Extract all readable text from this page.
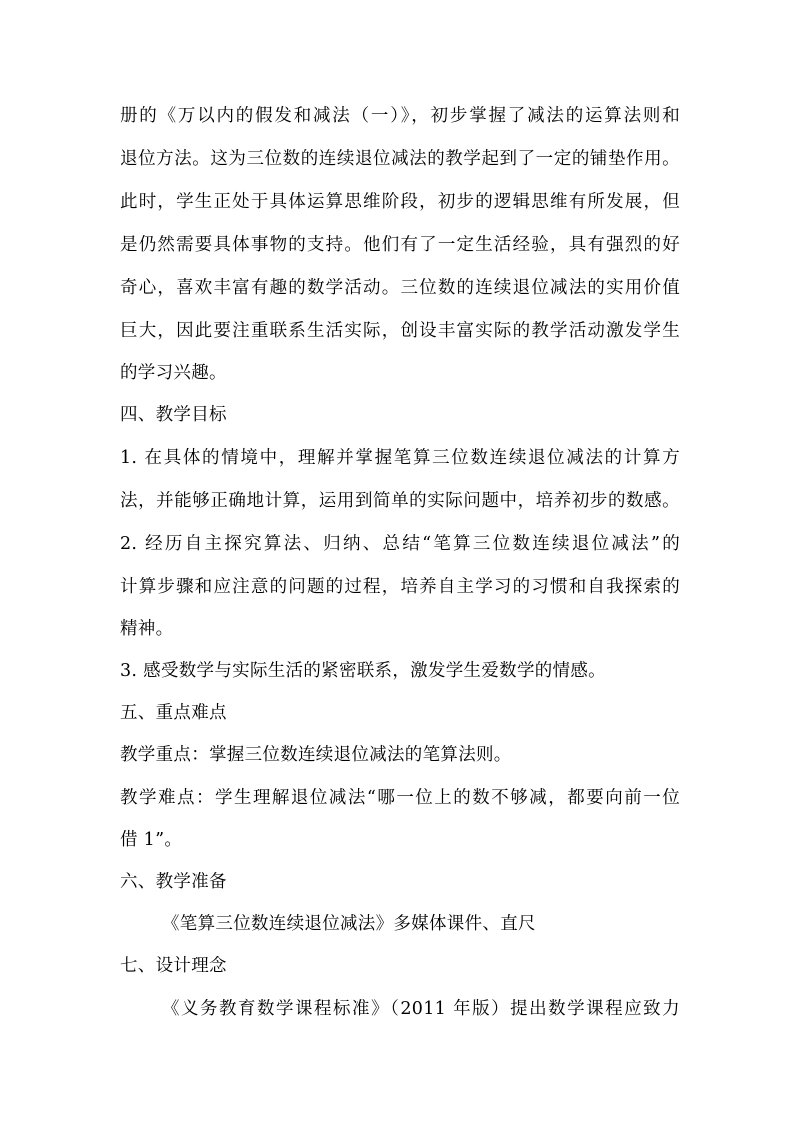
册的《万以内的假发和减法（一）》，初步掌握了减法的运算法则和
退位方法。这为三位数的连续退位减法的教学起到了一定的铺垫作用。
此时，学生正处于具体运算思维阶段，初步的逻辑思维有所发展，但
是仍然需要具体事物的支持。他们有了一定生活经验，具有强烈的好
奇心，喜欢丰富有趣的数学活动。三位数的连续退位减法的实用价值
巨大，因此要注重联系生活实际，创设丰富实际的教学活动激发学生
的学习兴趣。
四、教学目标
1. 在具体的情境中，理解并掌握笔算三位数连续退位减法的计算方
法，并能够正确地计算，运用到简单的实际问题中，培养初步的数感。
2. 经历自主探究算法、归纳、总结“笔算三位数连续退位减法”的
计算步骤和应注意的问题的过程，培养自主学习的习惯和自我探索的
精神。
3. 感受数学与实际生活的紧密联系，激发学生爱数学的情感。
五、重点难点
教学重点：掌握三位数连续退位减法的笔算法则。
教学难点：学生理解退位减法“哪一位上的数不够减，都要向前一位
借 1”。
六、教学准备
《笔算三位数连续退位减法》多媒体课件、直尺
七、设计理念
《义务教育数学课程标准》（2011 年版）提出数学课程应致力
